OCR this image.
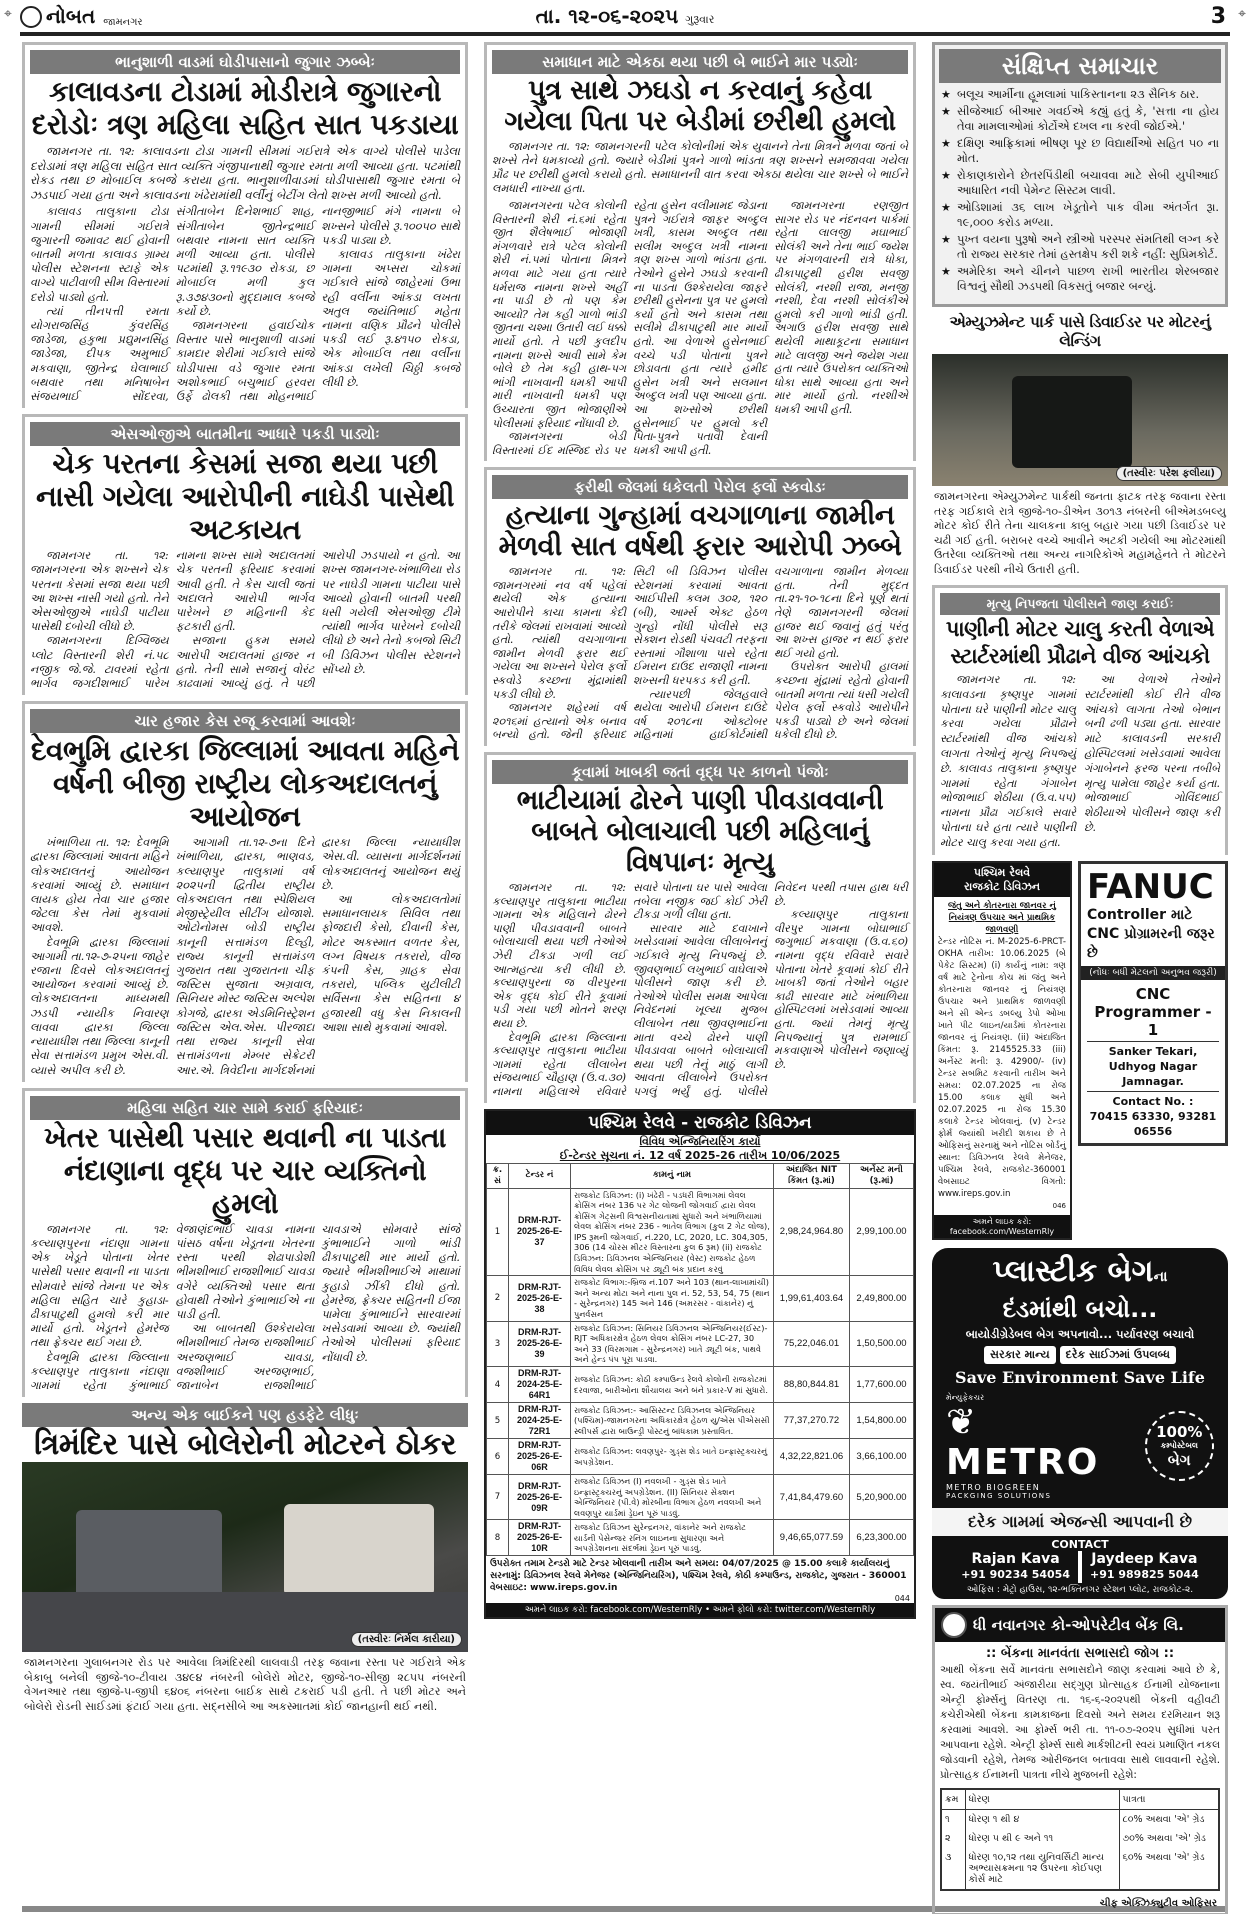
⌖	⌖
નોબત જામનગર	તા. ૧૨-૦૬-૨૦૨૫ ગુરૂવાર	3
ભાનુશાળી વાડમાં ઘોડીપાસાનો જુગાર ઝબ્બેઃ
કાલાવડના ટોડામાં મોડીરાત્રે જુગારનો દરોડોઃ ત્રણ મહિલા સહિત સાત પકડાયા

જામનગર તા. ૧૨: કાલાવડના ટોડા ગામની સીમમાં ગઈરાત્રે એક વાગ્યે પોલીસે પાડેલા દરોડામાં ત્રણ મહિલા સહિત સાત વ્યક્તિ ગંજીપાનાથી જુગાર રમતા મળી આવ્યા હતા. પટમાંથી રોકડ તથા છ મોબાઈલ કબજે કરાયા હતા. ભાનુશાળીવાડમાં ઘોડીપાસાથી જુગાર રમતા બે ઝડપાઈ ગયા હતા અને કાલાવડના ખંઢેરામાંથી વર્લીનું બેટીંગ લેતો શખ્સ મળી આવ્યો હતો.

કાલાવડ તાલુકાના ટોડા ગામની સીમમાં ગઈરાત્રે જુગારની જમાવટ થઈ હોવાની બાતમી મળતા કાલાવડ ગ્રામ્ય પોલીસ સ્ટેશનના સ્ટાફે એક વાગ્યે પાટીવાળી સીમ વિસ્તારમાં દરોડો પાડ્યો હતો.

ત્યાં તીનપત્તી રમતા યોગરાજસિંહ કુંવરસિંહ જાડેજા, હકુભા પ્રદ્યુમનસિંહ જાડેજા, દીપક અમુભાઈ મકવાણા, જીતેન્દ્ર ઘેલાભાઈ બથવાર તથા મનિષાબેન સંજયભાઈ સોંદરવા, સંગીતાબેન દિનેશભાઈ શાહ, સંગીતાબેન જીતેન્દ્રભાઈ બથવાર નામના સાત વ્યક્તિ મળી આવ્યા હતા. પોલીસે પટમાંથી રૂ.૧૧૯૩૦ રોકડા, છ મોબાઈલ મળી કુલ રૂ.૩૭૪૩૦નો મુદ્દામાલ કબજે કર્યો છે.

જામનગરના હવાઈચોક વિસ્તાર પાસે ભાનુશાળી વાડમાં કામદાર શેરીમાં ગઈકાલે સાંજે ઘોડીપાસા વડે જુગાર રમતા અશોકભાઈ બચુભાઈ હરવરા ઉર્ફે ઢોલકી તથા મોહનભાઈ નાનજીભાઈ મંગે નામના બે શખ્સને પોલીસે રૂ.૧૦૦૫૦ સાથે પકડી પાડ્યા છે.

કાલાવડ તાલુકાના ખંઢેરા ગામના અપ્સરા ચોકમાં ગઈકાલે સાંજે જાહેરમાં ઉભા રહી વર્લીના આંકડા લખતા અતુલ જયંતિભાઈ મહેતા નામના વણિક પ્રૌઢને પોલીસે પકડી લઈ રૂ.૪૧૫૦ રોકડા, એક મોબાઈલ તથા વર્લીના આંકડા લખેલી ચિઠ્ઠી કબજે લીધી છે.

એસઓજીએ બાતમીના આધારે પકડી પાડ્યોઃ
ચેક પરતના કેસમાં સજા થયા પછી નાસી ગયેલા આરોપીની નાઘેડી પાસેથી અટકાયત

જામનગર તા. ૧૨: જામનગરના એક શખ્સને ચેક પરતના કેસમાં સજા થયા પછી આ શખ્સ નાસી ગયો હતો. તેને એસઓજીએ નાઘેડી પાટીયા પાસેથી દબોચી લીધો છે.

જામનગરના દિગ્વિજય પ્લોટ વિસ્તારની શેરી નં.૫૮ નજીક જે.જે. ટાવરમાં રહેતા ભાર્ગવ જગદીશભાઈ પારેખ નામના શખ્સ સામે અદાલતમાં ચેક પરતની ફરિયાદ કરવામાં આવી હતી. તે કેસ ચાલી જતાં અદાલતે આરોપી ભાર્ગવ પારેખને છ મહિનાની કેદ ફટકારી હતી.

સજાના હુકમ સમયે આરોપી અદાલતમાં હાજર ન હતો. તેની સામે સજાનું વોરંટ કાઢવામાં આવ્યું હતું. તે પછી આરોપી ઝડપાયો ન હતો. આ શખ્સ જામનગર-ખંભાળિયા રોડ પર નાઘેડી ગામના પાટીયા પાસે આવ્યો હોવાની બાતમી પરથી ધસી ગયેલી એસઓજી ટીમે ત્યાંથી ભાર્ગવ પારેખને દબોચી લીધો છે અને તેનો કબજો સિટી બી ડિવિઝન પોલીસ સ્ટેશનને સોંપ્યો છે.

ચાર હજાર કેસ રજૂ કરવામાં આવશેઃ
દેવભુમિ દ્વારકા જિલ્લામાં આવતા મહિને વર્ષની બીજી રાષ્ટ્રીય લોકઅદાલતનું આયોજન

ખંભાળિયા તા. ૧૨: દેવભૂમિ દ્વારકા જિલ્લામાં આવતા મહિને લોકઅદાલતનું આયોજન કરવામાં આવ્યું છે. સમાધાન લાયક હોય તેવા ચાર હજાર જેટલા કેસ તેમાં મુકવામાં આવશે.

દેવભૂમિ દ્વારકા જિલ્લામાં આગામી તા.૧૨-૭-૨૫ના જાહેર રજાના દિવસે લોકઅદાલતનું આયોજન કરવામાં આવ્યું છે. લોકઅદાલતના માધ્યમથી ઝડપી ન્યાયીક નિવારણ લાવવા દ્વારકા જિલ્લા ન્યાયાધીશ તથા જિલ્લા કાનૂની સેવા સત્તામંડળ પ્રમુખ એસ.વી. વ્યાસે અપીલ કરી છે.

આગામી તા.૧૨-૭ના દિને ખંભાળિયા, દ્વારકા, ભાણવડ, કલ્યાણપુર તાલુકામાં વર્ષ ૨૦૨૫ની દ્વિતીય રાષ્ટ્રીય લોકઅદાલત તથા સ્પેશિયલ મેજીસ્ટ્રેયીલ સીટીંગ યોજાશે. ઓટોનોમસ બોડી રાષ્ટ્રીય કાનૂની સત્તામંડળ દિલ્હી, રાજ્ય કાનૂની સત્તામંડળ ગુજરાત તથા ગુજરાતના ચીફ જસ્ટિસ સુજાતા અગ્રવાલ, સિનિયર મોસ્ટ જસ્ટિસ અલ્પેશ કોગજે, દ્વારકા એડમિનિસ્ટ્રેશન જસ્ટિસ એલ.એસ. પીરજાદા તથા રાજ્ય કાનૂની સેવા સત્તામંડળના મેમ્બર સેક્રેટરી આર.એ. ત્રિવેદીના માર્ગદર્શનમાં દ્વારકા જિલ્લા ન્યાયાધીશ એસ.વી. વ્યાસના માર્ગદર્શનમાં લોકઅદાલતનું આયોજન થયું છે.

આ લોકઅદાલતોમાં સમાધાનલાયક સિવિલ તથા ફોજદારી કેસો, દીવાની કેસ, મોટર અકસ્માત વળતર કેસ, લગ્ન વિષયક તકરારો, વીજ કંપની કેસ, ગ્રાહક સેવા તકરારો, પબ્લિક યુટીલીટી સર્વિસના કેસ સહિતના ૪ હજારથી વધુ કેસ નિકાલની આશા સાથે મુકવામાં આવશે.

મહિલા સહિત ચાર સામે કરાઈ ફરિયાદઃ
ખેતર પાસેથી પસાર થવાની ના પાડતા નંદાણાના વૃદ્ધ પર ચાર વ્યક્તિનો હુમલો

જામનગર તા. ૧૨: કલ્યાણપુરના નંદાણા ગામના એક ખેડૂતે પોતાના ખેતર પાસેથી પસાર થવાની ના પાડતા સોમવારે સાંજે તેમના પર એક મહિલા સહિત ચારે કુહાડા-ઢીકાપાટુથી હુમલો કરી માર માર્યો હતો. ખેડૂતને હેમરેજ તથા ફ્રેક્ચર થઈ ગયા છે.

દેવભૂમિ દ્વારકા જિલ્લાના કલ્યાણપુર તાલુકાના નંદાણા ગામમાં રહેતા કુંભાભાઈ વેજાણંદભાઈ ચાવડા નામના પાંસઠ વર્ષના ખેડૂતના ખેતરના રસ્તા પરથી શેઢાપાડોશી ભીમશીભાઈ રાજશીભાઈ ચાવડા વગેરે વ્યક્તિઓ પસાર થતા હોવાથી તેઓને કુંભાભાઈએ ના પાડી હતી.

આ બાબતથી ઉશ્કેરાયેલા ભીમશીભાઈ તેમજ રાજશીભાઈ અરજણભાઈ ચાવડા, વજશીભાઈ અરજણભાઈ, જાનાબેન રાજશીભાઈ ચાવડાએ સોમવારે સાંજે કુંભાભાઈને ગાળો ભાંડી ઢીકાપાટુથી માર માર્યો હતો. જ્યારે ભીમશીભાઈએ માથામાં કુહાડો ઝીંકી દીધો હતો. હેમરેજ, ફ્રેક્ચર સહિતની ઈજા પામેલા કુંભાભાઈને સારવારમાં ખસેડવામાં આવ્યા છે. જ્યાંથી તેઓએ પોલીસમાં ફરિયાદ નોંધાવી છે.

અન્ય એક બાઈકને પણ હડફેટે લીધુઃ
ત્રિમંદિર પાસે બોલેરોની મોટરને ઠોકર
(તસ્વીરઃ નિર્મલ કારીયા)
જામનગરના ગુલાબનગર રોડ પર આવેલા ત્રિમંદિરથી લાલવાડી તરફ જવાના રસ્તા પર ગઈરાત્રે એક બેકાબુ બનેલી જીજે-૧૦-ટીવાય ૩૪૯૪ નંબરની બોલેરો મોટર, જીજે-૧૦-સીજી ૨૮૫૫ નંબરની વેગનઆર તથા જીજે-૫-જીપી ૬૪૦૬ નંબરના બાઈક સાથે ટકરાઈ પડી હતી. તે પછી મોટર અને બોલેરો રોડની સાઈડમાં ફંટાઈ ગયા હતા. સદ્નસીબે આ અકસ્માતમાં કોઈ જાનહાની થઈ નથી.
સમાધાન માટે એકઠા થયા પછી બે ભાઈને માર પડ્યોઃ
પુત્ર સાથે ઝઘડો ન કરવાનું કહેવા ગયેલા પિતા પર બેડીમાં છરીથી હુમલો

જામનગર તા. ૧૨: જામનગરની પટેલ કોલોનીમાં એક યુવાનને તેના મિત્રને મળવા જતાં બે શખ્સે તેને ધમકાવ્યો હતો. જ્યારે બેડીમાં પુત્રને ગાળો ભાંડતા ત્રણ શખ્સને સમજાવવા ગયેલા પ્રૌઢ પર છરીથી હુમલો કરાયો હતો. સમાધાનની વાત કરવા એકઠા થયેલા ચાર શખ્સે બે ભાઈને લમધારી નાખ્યા હતા.

જામનગરના પટેલ કોલોની વિસ્તારની શેરી નં.૬માં રહેતા જીત શૈલેષભાઈ ભોજાણી મંગળવારે રાત્રે પટેલ કોલોની શેરી નં.૫માં પોતાના મિત્રને મળવા માટે ગયા હતા ત્યારે ધર્મરાજ નામના શખ્સે અહીં ના પાડી છે તો પણ કેમ આવ્યો? તેમ કહી ગાળો ભાંડી જીતના ચશ્મા ઉતારી લઈ ધક્કો માર્યો હતો. તે પછી કુલદીપ નામના શખ્સે આવી સામે કેમ બોલે છે તેમ કહી હાથ-પગ ભાંગી નાખવાની ધમકી આપી મારી નાખવાની ધમકી પણ ઉચ્ચારતા જીત ભોજાણીએ પોલીસમાં ફરિયાદ નોંધાવી છે.

જામનગરના બેડી વિસ્તારમાં ઈદ મસ્જિદ રોડ પર રહેતા હુસેન વલીમામદ જેડાના પુત્રને ગઈરાત્રે જાફર અબ્દુલ ખત્રી, કાસમ અબ્દુલ તથા સલીમ અબ્દુલ ખત્રી નામના ત્રણ શખ્સ ગાળો ભાંડતા હતા. તેઓને હુસેને ઝઘડો કરવાની ના પાડતા ઉશ્કેરાયેલા જાફરે છરીથી હુસેનના પુત્ર પર હુમલો કર્યો હતો અને કાસમ તથા સલીમે ઢીકાપાટુથી માર માર્યો હતો. આ વેળાએ હુસેનભાઈ વચ્ચે પડી પોતાના પુત્રને છોડાવતા હતા ત્યારે હમીદ હુસેન ખત્રી અને સલમાન અબ્દુલ ખત્રી પણ આવ્યા હતા. આ શખ્સોએ છરીથી હુસેનભાઈ પર હુમલો કરી પિતા-પુત્રને પતાવી દેવાની ધમકી આપી હતી.

જામનગરના રણજીત સાગર રોડ પર નંદનવન પાર્કમાં રહેતા લાલજી મઘાભાઈ સોલંકી અને તેના ભાઈ જયેશ પર મંગળવારની રાત્રે ધોકા, ઢીકાપાટુથી હરીશ સવજી સોલંકી, નરશી રાજા, મનજી નરશી, દેવા નરશી સોલંકીએ હુમલો કરી ગાળો ભાંડી હતી. અગાઉ હરીશ સવજી સાથે થયેલી માથાકૂટના સમાધાન માટે લાલજી અને જયેશ ગયા હતા ત્યારે ઉપરોક્ત વ્યક્તિઓ ધોકા સાથે આવ્યા હતા અને માર માર્યો હતો. નરશીએ ધમકી આપી હતી.

ફરીથી જેલમાં ધકેલતી પેરોલ ફર્લો સ્કવોડઃ
હત્યાના ગુન્હામાં વચગાળાના જામીન મેળવી સાત વર્ષથી ફરાર આરોપી ઝબ્બે

જામનગર તા. ૧૨: જામનગરમાં નવ વર્ષ પહેલાં થયેલી એક હત્યાના આરોપીને કાચા કામના કેદી તરીકે જેલમાં રાખવામાં આવ્યો હતો. ત્યાંથી વચગાળાના જામીન મેળવી ફરાર થઈ ગયેલા આ શખ્સને પેરોલ ફર્લો સ્કવોડે કચ્છના મુંદ્રામાંથી પકડી લીધો છે.

જામનગર શહેરમાં વર્ષ ૨૦૧૬માં હત્યાનો એક બનાવ બન્યો હતો. જેની ફરિયાદ સિટી બી ડિવિઝન પોલીસ સ્ટેશનમાં કરવામાં આવતા આઈપીસી કલમ ૩૦૨, ૧૨૦ (બી), આર્મ્સ એક્ટ હેઠળ ગુન્હો નોંધી પોલીસે સરૂ સેક્શન રોડથી પંચવટી તરફના રસ્તામાં ગૌશાળા પાસે રહેતા ઈમરાન દાઉદ રાજાણી નામના શખ્સની ધરપકડ કરી હતી.

ત્યારપછી જેલહવાલે થયેલા આરોપી ઈમરાન દાઉદે વર્ષ ૨૦૧૮ના ઓક્ટોબર મહિનામાં હાઈકોર્ટમાંથી વચગાળાના જામીન મેળવ્યા હતા. તેની મુદ્દત તા.૨૧-૧૦-૧૮ના દિને પૂર્ણ થતાં તેણે જામનગરની જેલમાં હાજર થઈ જવાનું હતું પરંતુ આ શખ્સ હાજર ન થઈ ફરાર થઈ ગયો હતો.

ઉપરોક્ત આરોપી હાલમાં કચ્છના મુંદ્રામાં રહેતો હોવાની બાતમી મળતા ત્યાં ધસી ગયેલી પેરોલ ફર્લો સ્કવોડે આરોપીને પકડી પાડ્યો છે અને જેલમાં ધકેલી દીધો છે.

કૂવામાં ખાબકી જતાં વૃદ્ધ પર કાળનો પંજોઃ
ભાટીયામાં ઢોરને પાણી પીવડાવવાની બાબતે બોલાચાલી પછી મહિલાનું વિષપાનઃ મૃત્યુ

જામનગર તા. ૧૨: કલ્યાણપુર તાલુકાના ભાટીયા ગામના એક મહિલાને ઢોરને પાણી પીવડાવવાની બાબતે બોલાચાલી થયા પછી તેઓએ ઝેરી ટીકડા ગળી લઈ આત્મહત્યા કરી લીધી છે. કલ્યાણપુરના જ વીરપુરના એક વૃદ્ધ કોઈ રીતે કૂવામાં પડી ગયા પછી મોતને શરણ થયા છે.

દેવભૂમિ દ્વારકા જિલ્લાના કલ્યાણપુર તાલુકાના ભાટીયા ગામમાં રહેતા લીલાબેન સંજયભાઈ ચૌહાણ (ઉ.વ.૩૦) નામના મહિલાએ રવિવારે સવારે પોતાના ઘર પાસે આવેલા તબેલા નજીક જઈ કોઈ ઝેરી ટીકડા ગળી લીધા હતા.

સારવાર માટે દવાખાને ખસેડવામાં આવેલા લીલાબેનનું ગઈકાલે મૃત્યુ નિપજ્યું છે. જીવણભાઈ લખુભાઈ વાઘેલાએ પોલીસને જાણ કરી છે. તેઓએ પોલીસ સમક્ષ આપેલા નિવેદનમાં ખૂલ્યા મુજબ લીલાબેન તથા જીવણભાઈના માતા વચ્ચે ઢોરને પાણી પીવડાવવા બાબતે બોલાચાલી થયા પછી તેનું માઠું લાગી આવતા લીલાબેને ઉપરોક્ત પગલું ભર્યું હતું. પોલીસે નિવેદન પરથી તપાસ હાથ ધરી છે.

કલ્યાણપુર તાલુકાના વીરપુર ગામના બોઘાભાઈ જગુભાઈ મકવાણા (ઉ.વ.૬૦) નામના વૃદ્ધ રવિવારે સવારે પોતાના ખેતરે કૂવામાં કોઈ રીતે ખાબકી જતાં તેઓને બહાર કાઢી સારવાર માટે ખંભાળિયા હોસ્પિટલમાં ખસેડવામાં આવ્યા હતા. જ્યાં તેમનું મૃત્યુ નિપજ્યાનું પુત્ર રામભાઈ મકવાણાએ પોલીસને જણાવ્યું છે.

પશ્ચિમ રેલવે - રાજકોટ ડિવિઝન
વિવિધ એન્જિનિયરિંગ કાર્યો
ઈ-ટેન્ડર સૂચના નં. 12 વર્ષ 2025-26 તારીખ 10/06/2025
ક્ર. સં	ટેન્ડર નં	કામનું નામ	અંદાજિત NIT કિંમત (રૂ.માં)	અર્નેસ્ટ મની (રૂ.માં)
1	DRM-RJT-2025-26-E-37	રાજકોટ ડિવિઝન: (i) ખંઢેરી - પડધરી વિભાગમાં લેવલ ક્રોસિંગ નંબર 136 પર ગેટ લોજની જોગવાઈ દ્વારા લેવલ ક્રોસિંગ ગેટ્સની વિશ્વસનીયતામાં સુધારો અને ખંભાળિયામાં લેવલ ક્રોસિંગ નંબર 236 - ભાતેલ વિભાગ (કુલ 2 ગેટ લોજ), IPS રૂમની જોગવાઈ, નં.220, LC, 2020, LC. 304,305, 306 (14 ચોરસ મીટર વિસ્તારના કુલ 6 રૂમ) (ii) રાજકોટ ડિવિઝન: ડિવિઝનલ એન્જિનિયર (વેસ્ટ) રાજકોટ હેઠળ વિવિધ લેવલ ક્રોસિંગ પર ડ્યૂટી બંક પ્રદાન કરવું	2,98,24,964.80	2,99,100.00
2	DRM-RJT-2025-26-E-38	રાજકોટ વિભાગ:-બ્રિજ નં.107 અને 103 (થાન-લાખામાંચી) અને અન્ય મોટા અને નાના પુલ નં. 52, 53, 54, 75 (થાન - સુરેન્દ્રનગર) 145 અને 146 (અમરસર - વાંકાનેર) નું પુનર્વસન	1,99,61,403.64	2,49,800.00
3	DRM-RJT-2025-26-E-39	રાજકોટ ડિવિઝન: સિનિયર ડિવિઝનલ એન્જિનિયર(ઈસ્ટ)-RJT અધિકારક્ષેત્ર હેઠળ લેવલ ક્રોસિંગ નંબર LC-27, 30 અને 33 (વિરમગામ - સુરેન્દ્રનગર) ખાતે ડ્યૂટી બંક, પાથવે અને હેન્ડ પંપ પૂરા પાડવા.	75,22,046.01	1,50,500.00
4	DRM-RJT-2024-25-E-64R1	રાજકોટ ડિવિઝન: કોઠી કમ્પાઉન્ડ રેલવે કોલોની રાજકોટમાં દરવાજા, બારીઓના શૌચાલય અને બંને પ્રકાર-V માં સુધારો.	88,80,844.81	1,77,600.00
5	DRM-RJT-2024-25-E-72R1	રાજકોટ ડિવિઝન:- આસિસ્ટન્ટ ડિવિઝનલ એન્જિનિયર (પશ્ચિમ)-જામનગરના અધિકારક્ષેત્ર હેઠળ યુ/એસ પીએસસી સ્લીપર્સ દ્વારા બાઉન્ડ્રી પોસ્ટનું બાંધકામ પ્રસ્તાવિત.	77,37,270.72	1,54,800.00
6	DRM-RJT-2025-26-E-06R	રાજકોટ ડિવિઝન: લવણપુર- ગુડ્સ શેડ ખાતે ઇન્ફ્રાસ્ટ્રક્ચરનું અપગ્રેડેશન.	4,32,22,821.06	3,66,100.00
7	DRM-RJT-2025-26-E-09R	રાજકોટ ડિવિઝન (I) નવલખી - ગુડ્સ શેડ ખાતે ઇન્ફ્રાસ્ટ્રક્ચરનું અપગ્રેડેશન. (II) સિનિયર સેક્શન એન્જિનિયર (પી.વે) મોરબીના વિભાગ હેઠળ નવલખી અને લવણપુર યાર્ડમાં ડ્રેઇન પૂરું પાડવું.	7,41,84,479.60	5,20,900.00
8	DRM-RJT-2025-26-E-10R	રાજકોટ ડિવિઝન સુરેન્દ્રનગર, વાંકાનેર અને રાજકોટ યાર્ડની પેસેન્જર રનિંગ લાઇનના સુધારણા અને અપગ્રેડેશનના સંદર્ભમાં ડ્રેઇન પૂરું પાડવું.	9,46,65,077.59	6,23,300.00
ઉપરોક્ત તમામ ટેન્ડરો માટે ટેન્ડર ખોલવાની તારીખ અને સમય: 04/07/2025 @ 15.00 કલાકે કાર્યાલયનું સરનામું: ડિવિઝનલ રેલવે મેનેજર (એન્જિનિયરિંગ), પશ્ચિમ રેલવે, કોઠી કમ્પાઉન્ડ, રાજકોટ, ગુજરાત - 360001 વેબસાઇટ: www.ireps.gov.in
044
અમને લાઇક કરો: facebook.com/WesternRly • અમને ફોલો કરો: twitter.com/WesternRly
સંક્ષિપ્ત સમાચાર
★ બલૂચ આર્મીના હૂમલામાં પાકિસ્તાનના ૨૩ સૈનિક ઠાર.
★ સીજેઆઈ બીઆર ગવઈએ કહ્યું હતું કે, 'સત્તા ના હોય તેવા મામલાઓમાં કોર્ટોએ દખલ ના કરવી જોઈએ.'
★ દક્ષિણ આફ્રિકામાં ભીષણ પૂર છ વિદ્યાર્થીઓ સહિત ૫૦ ના મોત.
★ રોકાણકારોને છેતરપિંડીથી બચાવવા માટે સેબી યુપીઆઈ આધારિત નવી પેમેન્ટ સિસ્ટમ લાવી.
★ ઓડિશામાં ૩૬ લાખ ખેડૂતોને પાક વીમા અંતર્ગત રૂા. ૧૯,૦૦૦ કરોડ મળ્યા.
★ પુખ્ત વયના પુરૂષો અને સ્ત્રીઓ પરસ્પર સંમતિથી લગ્ન કરે તો રાજ્ય સરકાર તેમાં હસ્તક્ષેપ કરી શકે નહીં: સુપ્રિમકોર્ટ.
★ અમેરિકા અને ચીનને પાછળ રાખી ભારતીય શેરબજાર વિશ્વનું સૌથી ઝડપથી વિકસતું બજાર બન્યું.
એમ્યુઝમેન્ટ પાર્ક પાસે ડિવાઈડર પર મોટરનું લેન્ડિંગ
(તસ્વીરઃ પરેશ ફલીયા)
જામનગરના એમ્યુઝમેન્ટ પાર્કથી જનતા ફાટક તરફ જવાના રસ્તા તરફ ગઈકાલે રાત્રે જીજે-૧૦-ડીએન ૩૦૧૩ નંબરની બીએમડબલ્યુ મોટર કોઈ રીતે તેના ચાલકના કાબુ બહાર ગયા પછી ડિવાઈડર પર ચઢી ગઈ હતી. બરાબર વચ્ચે આવીને અટકી ગયેલી આ મોટરમાંથી ઉતરેલા વ્યક્તિઓ તથા અન્ય નાગરિકોએ મહામહેનતે તે મોટરને ડિવાઈડર પરથી નીચે ઉતારી હતી.
મૃત્યુ નિપજતા પોલીસને જાણ કરાઈઃ
પાણીની મોટર ચાલુ કરતી વેળાએ સ્ટાર્ટરમાંથી પ્રૌઢાને વીજ આંચકો

જામનગર તા. ૧૨: કાલાવડના કૃષ્ણપુર ગામમાં પોતાના ઘરે પાણીની મોટર ચાલુ કરવા ગયેલા પ્રૌઢાને સ્ટાર્ટરમાંથી વીજ આંચકો લાગતા તેઓનું મૃત્યુ નિપજ્યું છે. કાલાવડ તાલુકાના કૃષ્ણપુર ગામમાં રહેતા ગંગાબેન ભોજાભાઈ શેઠીયા (ઉ.વ.૫૫) નામના પ્રૌઢા ગઈકાલે સવારે પોતાના ઘરે હતા ત્યારે પાણીની મોટર ચાલુ કરવા ગયા હતા.

આ વેળાએ તેઓને સ્ટાર્ટરમાંથી કોઈ રીતે વીજ આંચકો લાગતા તેઓ બેભાન બની ઢળી પડ્યા હતા. સારવાર માટે કાલાવડની સરકારી હોસ્પિટલમાં ખસેડવામાં આવેલા ગંગાબેનને ફરજ પરના તબીબે મૃત્યુ પામેલા જાહેર કર્યા હતા. ભોજાભાઈ ગોવિંદભાઈ શેઠીયાએ પોલીસને જાણ કરી છે.

પશ્ચિમ રેલવે
રાજકોટ ડિવિઝન
જંતુ અને કોતરનારા જાનવર નું નિયંત્રણ ઉપચાર અને પ્રાથમિક જાળવણી
ટેન્ડર નોટિસ નં. M-2025-6-PRCT-OKHA તારીખ: 10.06.2025 (બે પેકેટ સિસ્ટમ) (i) કાર્યનું નામ: ત્રણ વર્ષ માટે ટ્રેનોના કોચ માં જંતુ અને કોતરનારા જાનવર નું નિયંત્રણ ઉપચાર અને પ્રાથમિક જાળવણી અને સી એન્ડ ડબલ્યુ ડેપો ઓખા ખાતે પીટ લાઇન/યાર્ડમાં કોતરનારા જાનવર નું નિયંત્રણ. (ii) અંદાજિત કિંમત: રૂ. 2145525.33 (iii) અર્નેસ્ટ મની: રૂ. 42900/- (iv) ટેન્ડર સબમિટ કરવાની તારીખ અને સમય: 02.07.2025 ના રોજ 15.00 કલાક સુધી અને 02.07.2025 ના રોજ 15.30 કલાકે ટેન્ડર ખોલવાનું. (v) ટેન્ડર ફોર્મ જ્યાંથી ખરીદી શકાય છે તે ઓફિસનું સરનામું અને નોટિસ બોર્ડનું સ્થાન: ડિવિઝનલ રેલવે મેનેજર, પશ્ચિમ રેલવે, રાજકોટ-360001 વેબસાઇટ વિગતો: www.ireps.gov.in
046
અમને લાઇક કરો: facebook.com/WesternRly
FANUC
Controller માટે
CNC પ્રોગ્રામરની જરૂર છે
(નોંધઃ બધી મેટલનો અનુભવ જરૂરી)
CNC Programmer - 1
Sanker Tekari,
Udhyog Nagar Jamnagar.
Contact No. :
70415 63330, 93281 06556
પ્લાસ્ટીક બેગના
દંડમાંથી બચો...
બાયોડીગ્રેડેબલ બેગ અપનાવો... પર્યાવરણ બચાવો
સરકાર માન્ય	દરેક સાઈઝમાં ઉપલબ્ધ
Save Environment Save Life
મેન્યુફેકચર
❦ METRO
METRO BIOGREEN
PACKGING SOLUTIONS
100%
કમ્પોસ્ટેબલ
બેગ
દરેક ગામમાં એજન્સી આપવાની છે
CONTACT
Rajan Kava
+91 90234 54054
Jaydeep Kava
+91 989825 5044
ઓફિસ : મેટ્રો હાઉસ, ૧૨-ભક્તિનગર સ્ટેશન પ્લોટ, રાજકોટ-૨.
ધી નવાનગર કો-ઓપરેટીવ બેંક લિ.
:: બેંકના માનવંતા સભાસદો જોગ ::
આથી બેંકના સર્વે માનવંતા સભાસદોને જાણ કરવામાં આવે છે કે, સ્વ. જયંતીભાઈ અંજારીયા સદ્ગુણ પ્રોત્સાહક ઈનામી યોજનાના એન્ટ્રી ફોર્મ્સનું વિતરણ તા. ૧૬-૬-૨૦૨૫થી બેંકની વહીવટી કચેરીએથી બેંકના કામકાજના દિવસો અને સમય દરમિયાન શરૂ કરવામાં આવશે. આ ફોર્મ્સ ભરી તા. ૧૧-૦૭-૨૦૨૫ સુધીમાં પરત આપવાના રહેશે. એન્ટ્રી ફોર્મ્સ સાથે માર્કશીટની સ્વયં પ્રમાણિત નકલ જોડવાની રહેશે, તેમજ ઓરીજનલ બતાવવા સાથે લાવવાની રહેશે. પ્રોત્સાહક ઈનામની પાત્રતા નીચે મુજબની રહેશે:
ક્રમ	ધોરણ	પાત્રતા
૧	ધોરણ ૧ થી ૪	૮૦% અથવા 'એ' ગ્રેડ
૨	ધોરણ ૫ થી ૯ અને ૧૧	૭૦% અથવા 'એ' ગ્રેડ
૩	ધોરણ ૧૦,૧૨ તથા યુનિવર્સિટી માન્ય અભ્યાસક્રમના ૧૨ ઉપરના કોઈપણ કોર્સ માટે	૬૦% અથવા 'એ' ગ્રેડ
ચીફ એક્ઝિક્યુટીવ ઓફિસર
